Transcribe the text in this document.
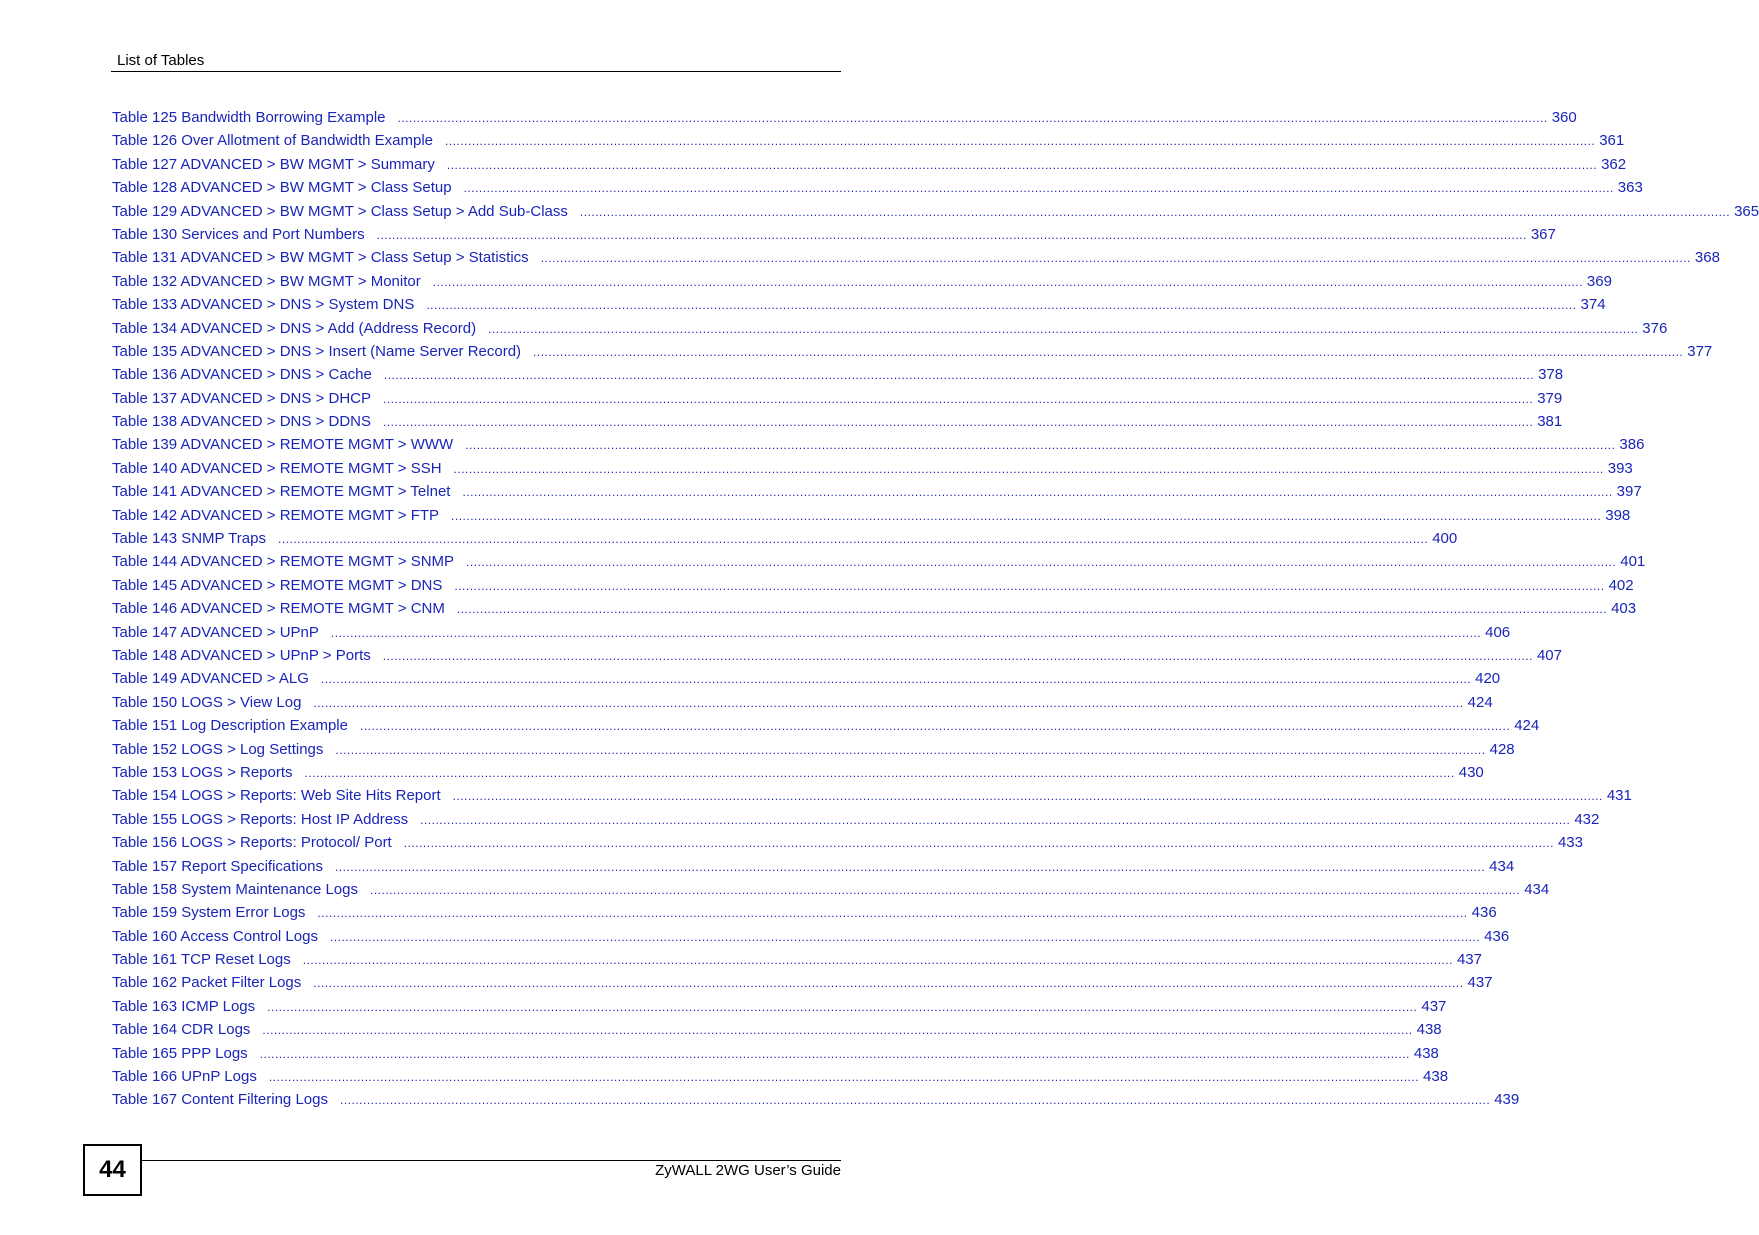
List of Tables
Table 125 Bandwidth Borrowing Example ............................................................................................................................................................................................................................................................................................................ 360
Table 126 Over Allotment of Bandwidth Example ............................................................................................................................................................................................................................................................................................................ 361
Table 127 ADVANCED > BW MGMT > Summary ............................................................................................................................................................................................................................................................................................................ 362
Table 128 ADVANCED > BW MGMT > Class Setup ............................................................................................................................................................................................................................................................................................................ 363
Table 129 ADVANCED > BW MGMT > Class Setup > Add Sub-Class ............................................................................................................................................................................................................................................................................................................ 365
Table 130 Services and Port Numbers ............................................................................................................................................................................................................................................................................................................ 367
Table 131 ADVANCED > BW MGMT > Class Setup > Statistics ............................................................................................................................................................................................................................................................................................................ 368
Table 132 ADVANCED > BW MGMT > Monitor ............................................................................................................................................................................................................................................................................................................ 369
Table 133 ADVANCED > DNS > System DNS ............................................................................................................................................................................................................................................................................................................ 374
Table 134 ADVANCED > DNS > Add (Address Record) ............................................................................................................................................................................................................................................................................................................ 376
Table 135 ADVANCED > DNS > Insert (Name Server Record) ............................................................................................................................................................................................................................................................................................................ 377
Table 136 ADVANCED > DNS > Cache ............................................................................................................................................................................................................................................................................................................ 378
Table 137 ADVANCED > DNS > DHCP ............................................................................................................................................................................................................................................................................................................ 379
Table 138 ADVANCED > DNS > DDNS ............................................................................................................................................................................................................................................................................................................ 381
Table 139 ADVANCED > REMOTE MGMT > WWW ............................................................................................................................................................................................................................................................................................................ 386
Table 140 ADVANCED > REMOTE MGMT > SSH ............................................................................................................................................................................................................................................................................................................ 393
Table 141 ADVANCED > REMOTE MGMT > Telnet ............................................................................................................................................................................................................................................................................................................ 397
Table 142 ADVANCED > REMOTE MGMT > FTP ............................................................................................................................................................................................................................................................................................................ 398
Table 143 SNMP Traps ............................................................................................................................................................................................................................................................................................................ 400
Table 144 ADVANCED > REMOTE MGMT > SNMP ............................................................................................................................................................................................................................................................................................................ 401
Table 145 ADVANCED > REMOTE MGMT > DNS ............................................................................................................................................................................................................................................................................................................ 402
Table 146 ADVANCED > REMOTE MGMT > CNM ............................................................................................................................................................................................................................................................................................................ 403
Table 147 ADVANCED > UPnP ............................................................................................................................................................................................................................................................................................................ 406
Table 148 ADVANCED > UPnP > Ports ............................................................................................................................................................................................................................................................................................................ 407
Table 149 ADVANCED > ALG ............................................................................................................................................................................................................................................................................................................ 420
Table 150 LOGS > View Log ............................................................................................................................................................................................................................................................................................................ 424
Table 151 Log Description Example ............................................................................................................................................................................................................................................................................................................ 424
Table 152 LOGS > Log Settings ............................................................................................................................................................................................................................................................................................................ 428
Table 153 LOGS > Reports ............................................................................................................................................................................................................................................................................................................ 430
Table 154 LOGS > Reports: Web Site Hits Report ............................................................................................................................................................................................................................................................................................................ 431
Table 155 LOGS > Reports: Host IP Address ............................................................................................................................................................................................................................................................................................................ 432
Table 156 LOGS > Reports: Protocol/ Port ............................................................................................................................................................................................................................................................................................................ 433
Table 157 Report Specifications ............................................................................................................................................................................................................................................................................................................ 434
Table 158 System Maintenance Logs ............................................................................................................................................................................................................................................................................................................ 434
Table 159 System Error Logs ............................................................................................................................................................................................................................................................................................................ 436
Table 160 Access Control Logs ............................................................................................................................................................................................................................................................................................................ 436
Table 161 TCP Reset Logs ............................................................................................................................................................................................................................................................................................................ 437
Table 162 Packet Filter Logs ............................................................................................................................................................................................................................................................................................................ 437
Table 163 ICMP Logs ............................................................................................................................................................................................................................................................................................................ 437
Table 164 CDR Logs ............................................................................................................................................................................................................................................................................................................ 438
Table 165 PPP Logs ............................................................................................................................................................................................................................................................................................................ 438
Table 166 UPnP Logs ............................................................................................................................................................................................................................................................................................................ 438
Table 167 Content Filtering Logs ............................................................................................................................................................................................................................................................................................................ 439
44	ZyWALL 2WG User’s Guide
